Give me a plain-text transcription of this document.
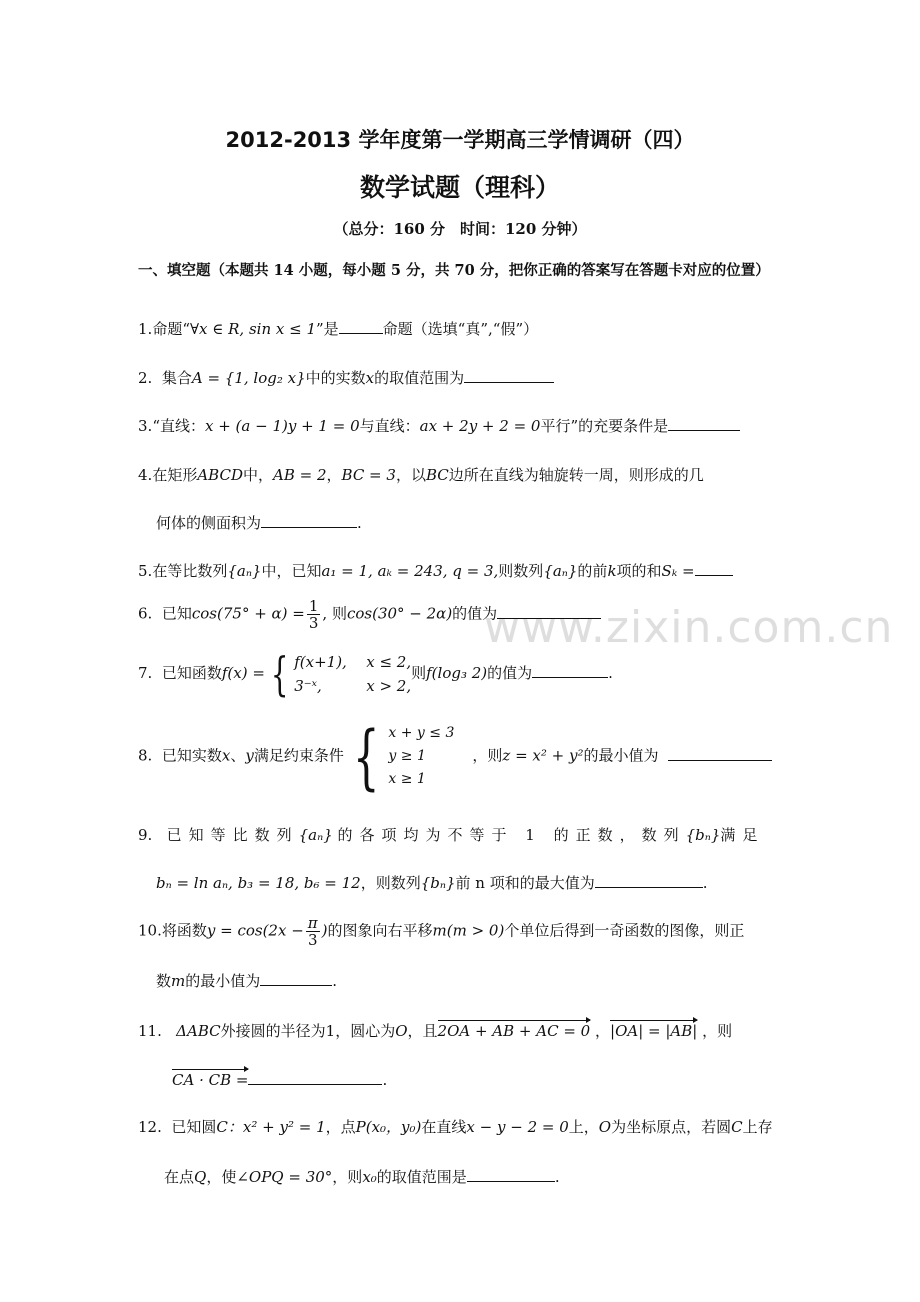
2012-2013 学年度第一学期高三学情调研（四）
数学试题（理科）
（总分：160 分　时间：120 分钟）
一、填空题（本题共 14 小题，每小题 5 分，共 70 分，把你正确的答案写在答题卡对应的位置）
www.zixin.com.cn
1.命题“∀x ∈ R, sin x ≤ 1”是	命题（选填“真”,“假”）
2. 集合A = {1, log₂ x}中的实数x的取值范围为
3.“直线：x + (a − 1)y + 1 = 0与直线：ax + 2y + 2 = 0平行”的充要条件是
4.在矩形ABCD中，AB = 2，BC = 3，以BC边所在直线为轴旋转一周，则形成的几
何体的侧面积为	.
5.在等比数列{aₙ}中，已知a₁ = 1, aₖ = 243, q = 3,则数列{aₙ}的前k项的和Sₖ =
6. 已知$\cos(75^\circ + \alpha) = \frac{1}{3}$ , 则cos(30° − 2α)的值为
7. 已知函数f(x) = { f(x+1), x ≤ 2,
3⁻ˣ,	x > 2,
则f(log₃ 2)的值为	.
8. 已知实数x、y满足约束条件 { x + y ≤ 3
y ≥ 1
x ≥ 1
，则z = x² + y²的最小值为
9. 已知等比数列{aₙ} 的各项均为不等于 1 的正数，数列{bₙ}满足
bₙ = ln aₙ, b₃ = 18, b₆ = 12，则数列{bₙ}前 n 项和的最大值为	.
10.将函数$y = \cos(2x - \frac{\pi}{3}$ )的图象向右平移m(m > 0)个单位后得到一奇函数的图像，则正
数m的最小值为	.
11. ΔABC外接圆的半径为1，圆心为O，且2OA + AB + AC = 0 ，|OA| = |AB| ，则
CA · CB =	.
12. 已知圆C：x² + y² = 1，点P(x₀，y₀)在直线x − y − 2 = 0上，O为坐标原点，若圆C上存
在点Q，使∠OPQ = 30°，则x₀的取值范围是	.
